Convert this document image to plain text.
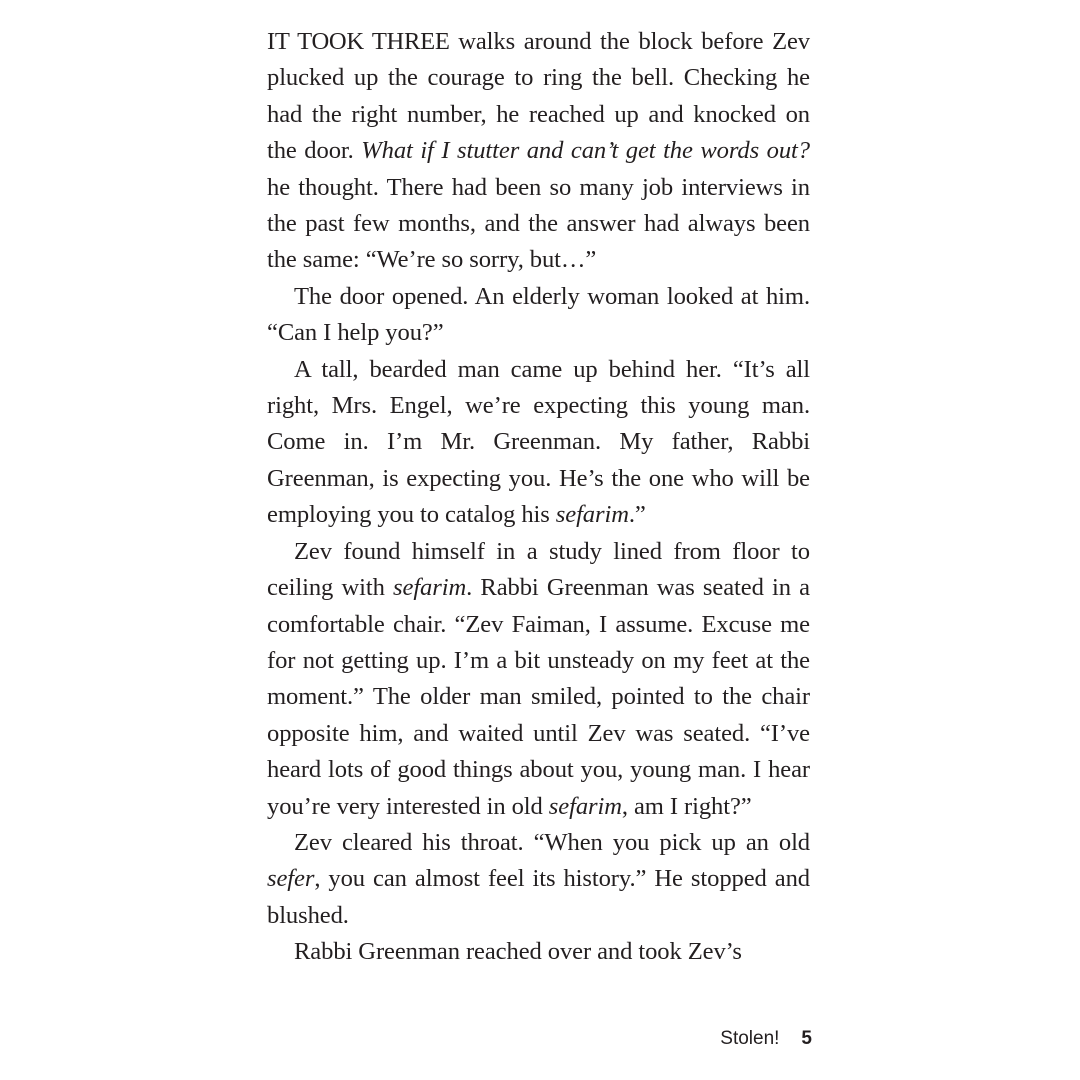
IT TOOK THREE walks around the block before Zev plucked up the courage to ring the bell. Checking he had the right number, he reached up and knocked on the door. What if I stutter and can’t get the words out? he thought. There had been so many job interviews in the past few months, and the answer had always been the same: “We’re so sorry, but…”

The door opened. An elderly woman looked at him. “Can I help you?”

A tall, bearded man came up behind her. “It’s all right, Mrs. Engel, we’re expecting this young man. Come in. I’m Mr. Greenman. My father, Rabbi Greenman, is expecting you. He’s the one who will be employing you to catalog his sefarim.”

Zev found himself in a study lined from floor to ceiling with sefarim. Rabbi Greenman was seated in a comfortable chair. “Zev Faiman, I assume. Excuse me for not getting up. I’m a bit unsteady on my feet at the moment.” The older man smiled, pointed to the chair opposite him, and waited until Zev was seated. “I’ve heard lots of good things about you, young man. I hear you’re very interested in old sefarim, am I right?”

Zev cleared his throat. “When you pick up an old sefer, you can almost feel its history.” He stopped and blushed.

Rabbi Greenman reached over and took Zev’s

Stolen! 5
